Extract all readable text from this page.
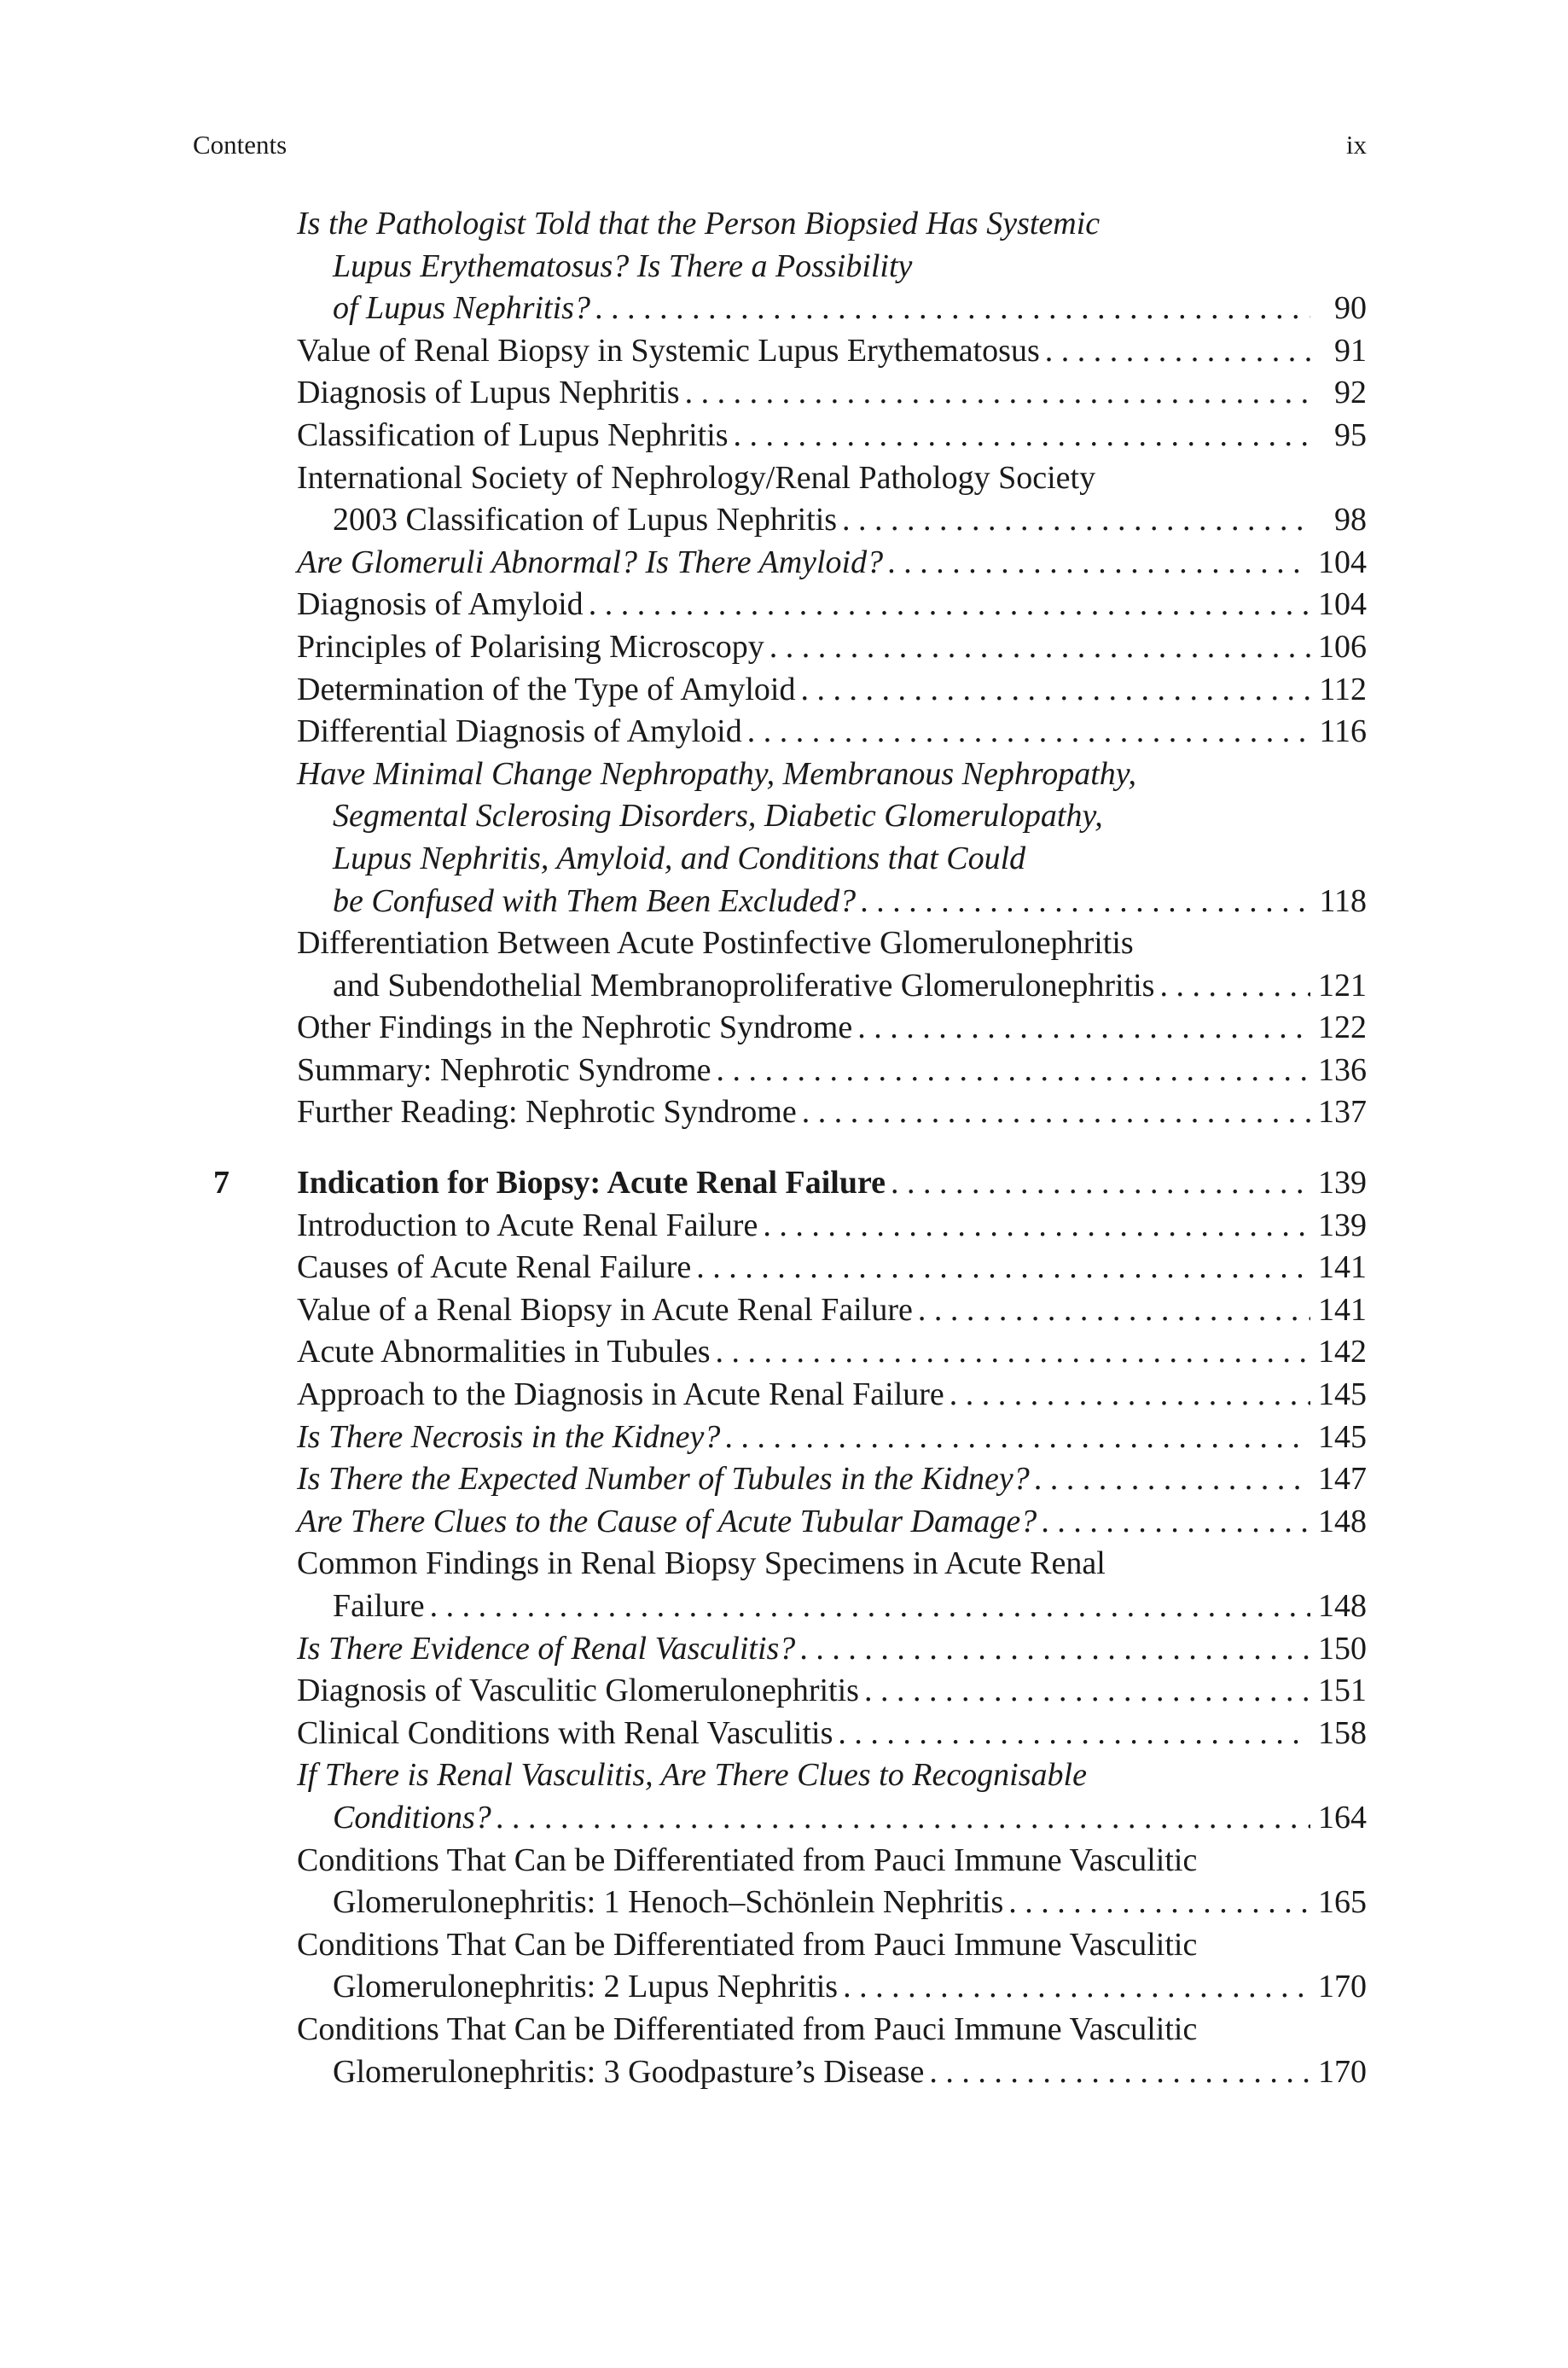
Contents	ix
Is the Pathologist Told that the Person Biopsied Has Systemic
Lupus Erythematosus? Is There a Possibility
of Lupus Nephritis? . . .	90
Value of Renal Biopsy in Systemic Lupus Erythematosus . . .	91
Diagnosis of Lupus Nephritis . . .	92
Classification of Lupus Nephritis . . .	95
International Society of Nephrology/Renal Pathology Society
2003 Classification of Lupus Nephritis . . .	98
Are Glomeruli Abnormal? Is There Amyloid? . . .	104
Diagnosis of Amyloid . . .	104
Principles of Polarising Microscopy . . .	106
Determination of the Type of Amyloid . . .	112
Differential Diagnosis of Amyloid . . .	116
Have Minimal Change Nephropathy, Membranous Nephropathy,
Segmental Sclerosing Disorders, Diabetic Glomerulopathy,
Lupus Nephritis, Amyloid, and Conditions that Could
be Confused with Them Been Excluded? . . .	118
Differentiation Between Acute Postinfective Glomerulonephritis
and Subendothelial Membranoproliferative Glomerulonephritis . . .	121
Other Findings in the Nephrotic Syndrome . . .	122
Summary: Nephrotic Syndrome . . .	136
Further Reading: Nephrotic Syndrome . . .	137
7 Indication for Biopsy: Acute Renal Failure . . .	139
Introduction to Acute Renal Failure . . .	139
Causes of Acute Renal Failure . . .	141
Value of a Renal Biopsy in Acute Renal Failure . . .	141
Acute Abnormalities in Tubules . . .	142
Approach to the Diagnosis in Acute Renal Failure . . .	145
Is There Necrosis in the Kidney? . . .	145
Is There the Expected Number of Tubules in the Kidney? . . .	147
Are There Clues to the Cause of Acute Tubular Damage? . . .	148
Common Findings in Renal Biopsy Specimens in Acute Renal
Failure . . .	148
Is There Evidence of Renal Vasculitis? . . .	150
Diagnosis of Vasculitic Glomerulonephritis . . .	151
Clinical Conditions with Renal Vasculitis . . .	158
If There is Renal Vasculitis, Are There Clues to Recognisable
Conditions? . . .	164
Conditions That Can be Differentiated from Pauci Immune Vasculitic
Glomerulonephritis: 1 Henoch–Schönlein Nephritis . . .	165
Conditions That Can be Differentiated from Pauci Immune Vasculitic
Glomerulonephritis: 2 Lupus Nephritis . . .	170
Conditions That Can be Differentiated from Pauci Immune Vasculitic
Glomerulonephritis: 3 Goodpasture’s Disease . . .	170
